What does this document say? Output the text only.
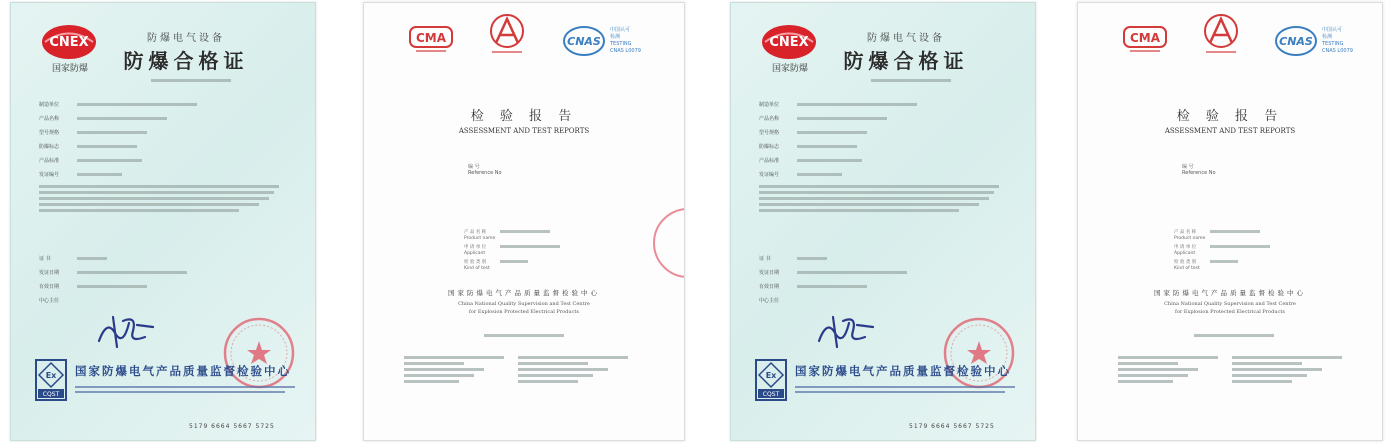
CNEX
国家防爆
防爆电气设备
防爆合格证
制造单位
产品名称
型号规格
防爆标志
产品标准
发证编号
证 书
发证日期
有效日期
中心主任
Ex
CQST
国家防爆电气产品质量监督检验中心
5179 6664 5667 5725
CMA	CNAS
中国认可
检测
TESTING
CNAS L0079
检 验 报 告
ASSESSMENT AND TEST REPORTS
编 号
Reference No
产 品 名 称
Product name
申 请 单 位
Applicant
检 验 类 别
Kind of test
国家防爆电气产品质量监督检验中心
China National Quality Supervision and Test Centre
for Explosion Protected Electrical Products
CNEX
国家防爆
防爆电气设备
防爆合格证
制造单位
产品名称
型号规格
防爆标志
产品标准
发证编号
证 书
发证日期
有效日期
中心主任
Ex
CQST
国家防爆电气产品质量监督检验中心
5179 6664 5667 5725
CMA	CNAS
中国认可
检测
TESTING
CNAS L0079
检 验 报 告
ASSESSMENT AND TEST REPORTS
编 号
Reference No
产 品 名 称
Product name
申 请 单 位
Applicant
检 验 类 别
Kind of test
国家防爆电气产品质量监督检验中心
China National Quality Supervision and Test Centre
for Explosion Protected Electrical Products
